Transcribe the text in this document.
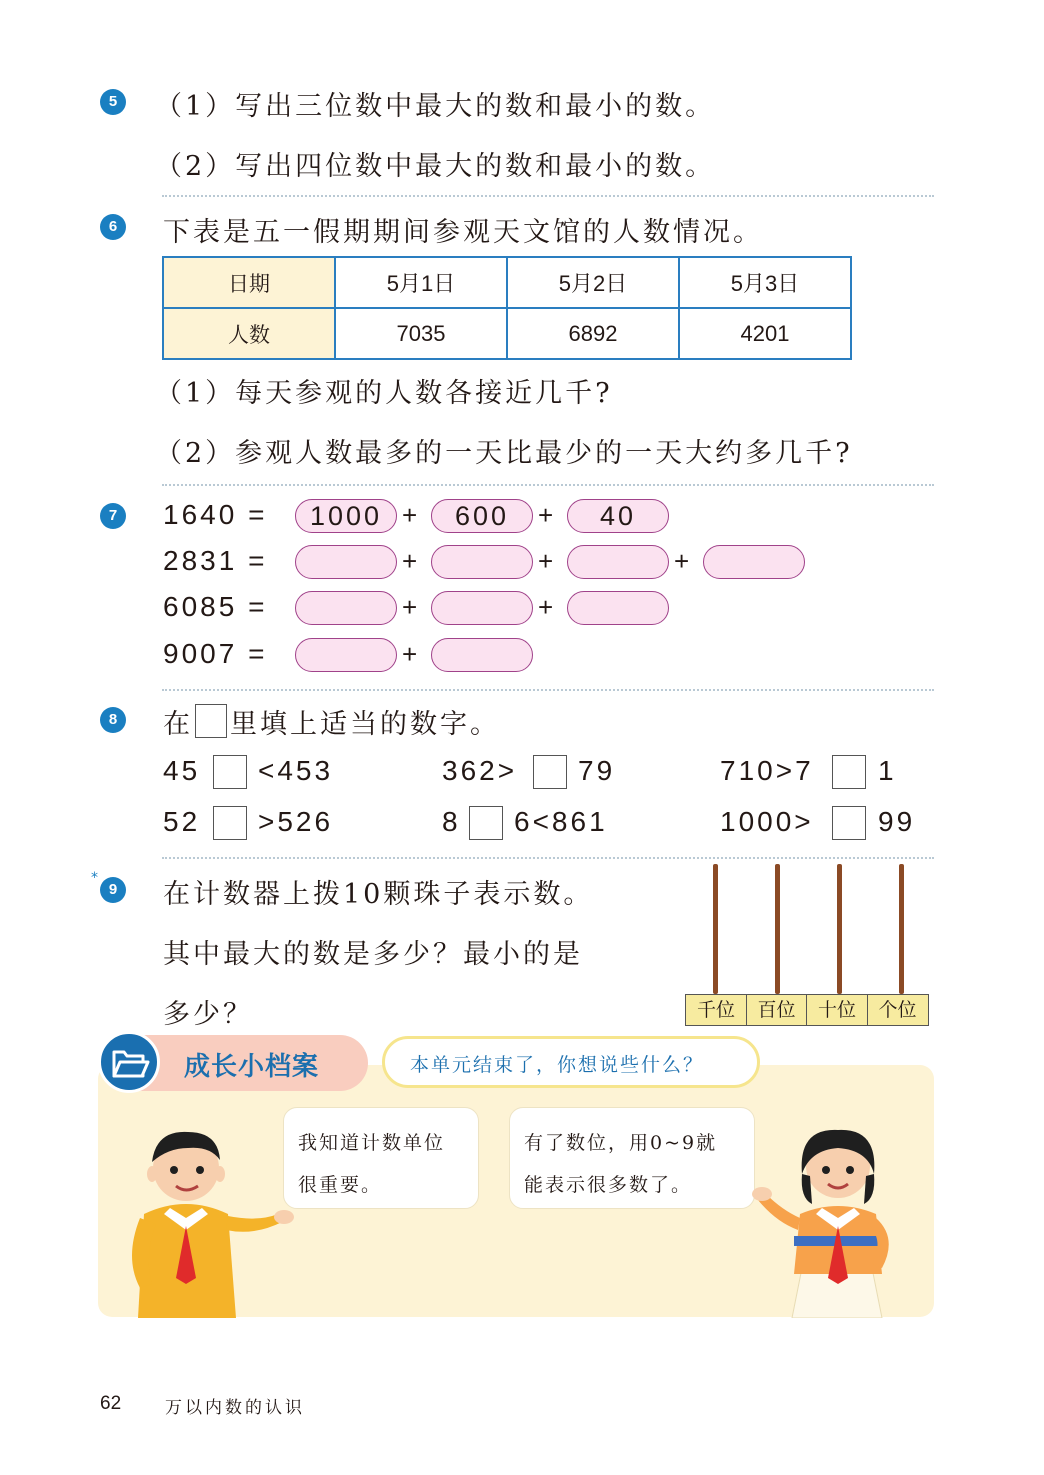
5	（1）写出三位数中最大的数和最小的数。
（2）写出四位数中最大的数和最小的数。
6	下表是五一假期期间参观天文馆的人数情况。
日期	5月1日	5月2日	5月3日
人数	7035	6892	4201
（1）每天参观的人数各接近几千?
（2）参观人数最多的一天比最少的一天大约多几千?
7	1640 =	1000 +	600	+	40
2831 =	+	+	+
6085 =	+	+
9007 =	+
8	在 里填上适当的数字。
45 <453	362> 79	710>7 1
52 >526	8 6<861	1000> 99
*
9	在计数器上拨10颗珠子表示数。
其中最大的数是多少？最小的是
多少？	千位	百位	十位	个位
成长小档案	本单元结束了，你想说些什么？
我知道计数单位
很重要。
有了数位，用0~9就
能表示很多数了。
62	万以内数的认识
